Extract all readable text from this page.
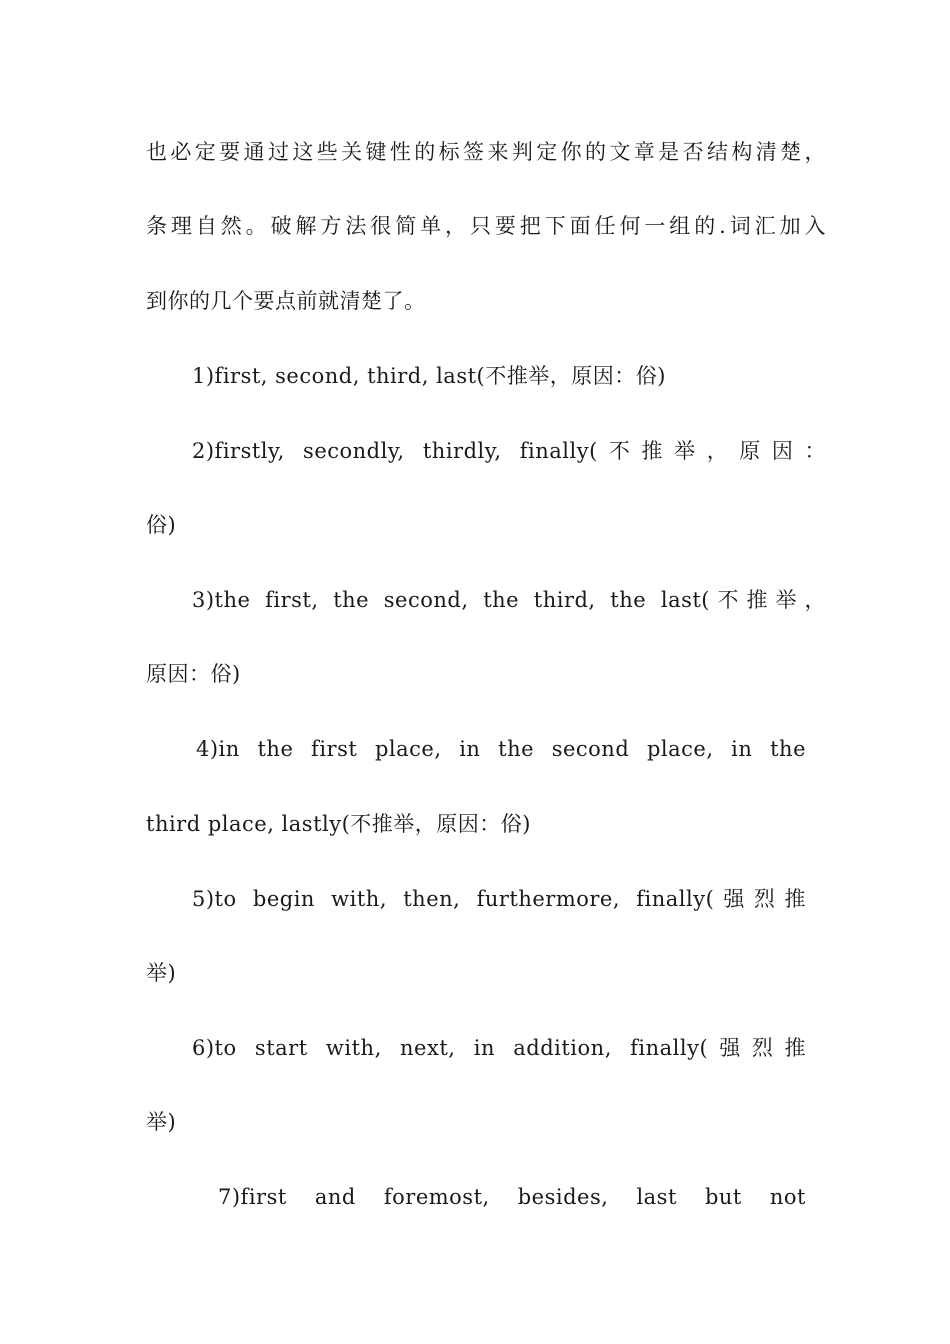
也必定要通过这些关键性的标签来判定你的文章是否结构清楚，
条理自然。破解方法很简单，只要把下面任何一组的.词汇加入
到你的几个要点前就清楚了。
1)first, second, third, last(不推举，原因：俗)
2)firstly, secondly, thirdly, finally(不推举，原因：
俗)
3)the first, the second, the third, the last(不推举，
原因：俗)
4)in the first place, in the second place, in the
third place, lastly(不推举，原因：俗)
5)to begin with, then, furthermore, finally(强烈推
举)
6)to start with, next, in addition, finally(强烈推
举)
7)first and foremost, besides, last but not
